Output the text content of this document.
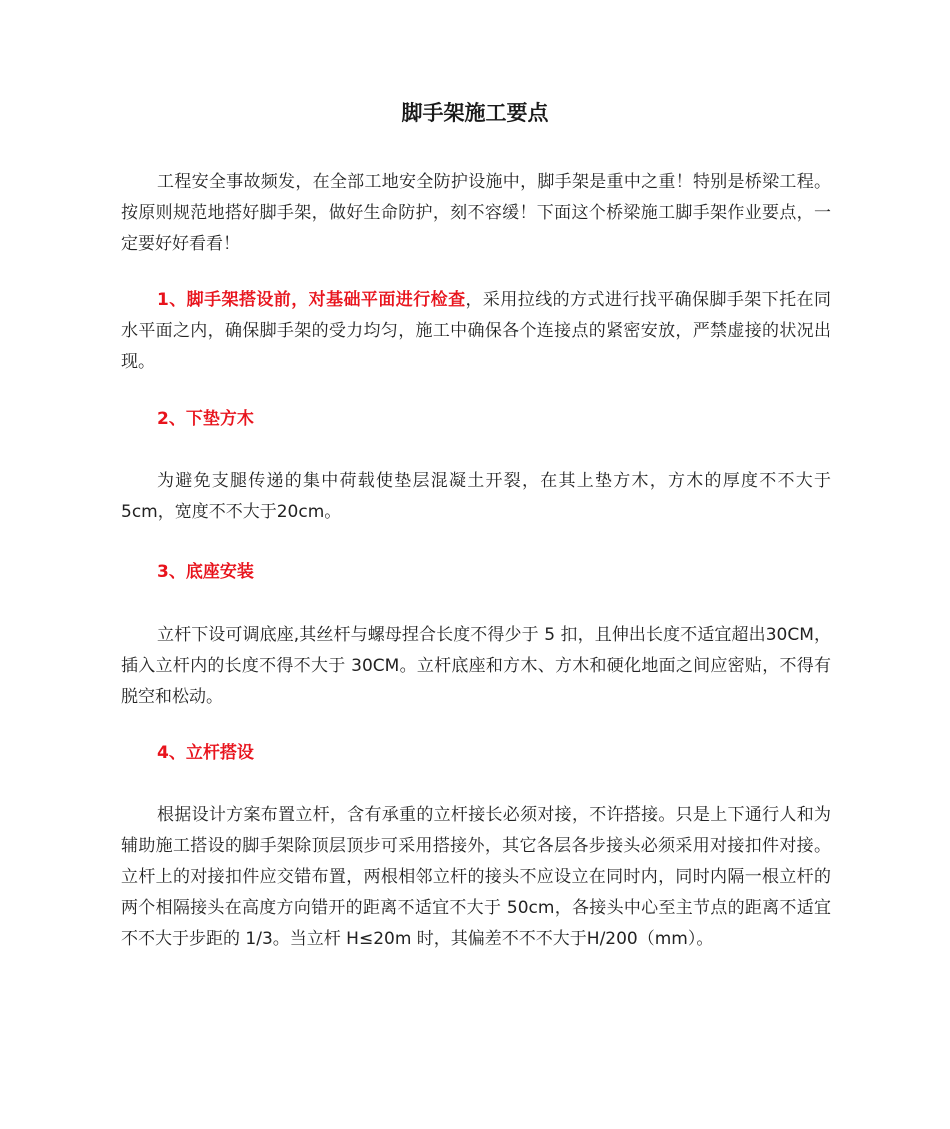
脚手架施工要点

工程安全事故频发，在全部工地安全防护设施中，脚手架是重中之重！特别是桥梁工程。按原则规范地搭好脚手架，做好生命防护，刻不容缓！下面这个桥梁施工脚手架作业要点，一定要好好看看！

1、脚手架搭设前，对基础平面进行检查，采用拉线的方式进行找平确保脚手架下托在同水平面之内，确保脚手架的受力均匀，施工中确保各个连接点的紧密安放，严禁虚接的状况出现。

2、下垫方木

为避免支腿传递的集中荷载使垫层混凝土开裂，在其上垫方木，方木的厚度不不大于5cm，宽度不不大于20cm。

3、底座安装

立杆下设可调底座,其丝杆与螺母捏合长度不得少于 5 扣，且伸出长度不适宜超出30CM，插入立杆内的长度不得不大于 30CM。立杆底座和方木、方木和硬化地面之间应密贴，不得有脱空和松动。

4、立杆搭设

根据设计方案布置立杆，含有承重的立杆接长必须对接，不许搭接。只是上下通行人和为辅助施工搭设的脚手架除顶层顶步可采用搭接外，其它各层各步接头必须采用对接扣件对接。立杆上的对接扣件应交错布置，两根相邻立杆的接头不应设立在同时内，同时内隔一根立杆的两个相隔接头在高度方向错开的距离不适宜不大于 50cm，各接头中心至主节点的距离不适宜不不大于步距的 1/3。当立杆 H≤20m 时，其偏差不不不大于H/200（mm）。
